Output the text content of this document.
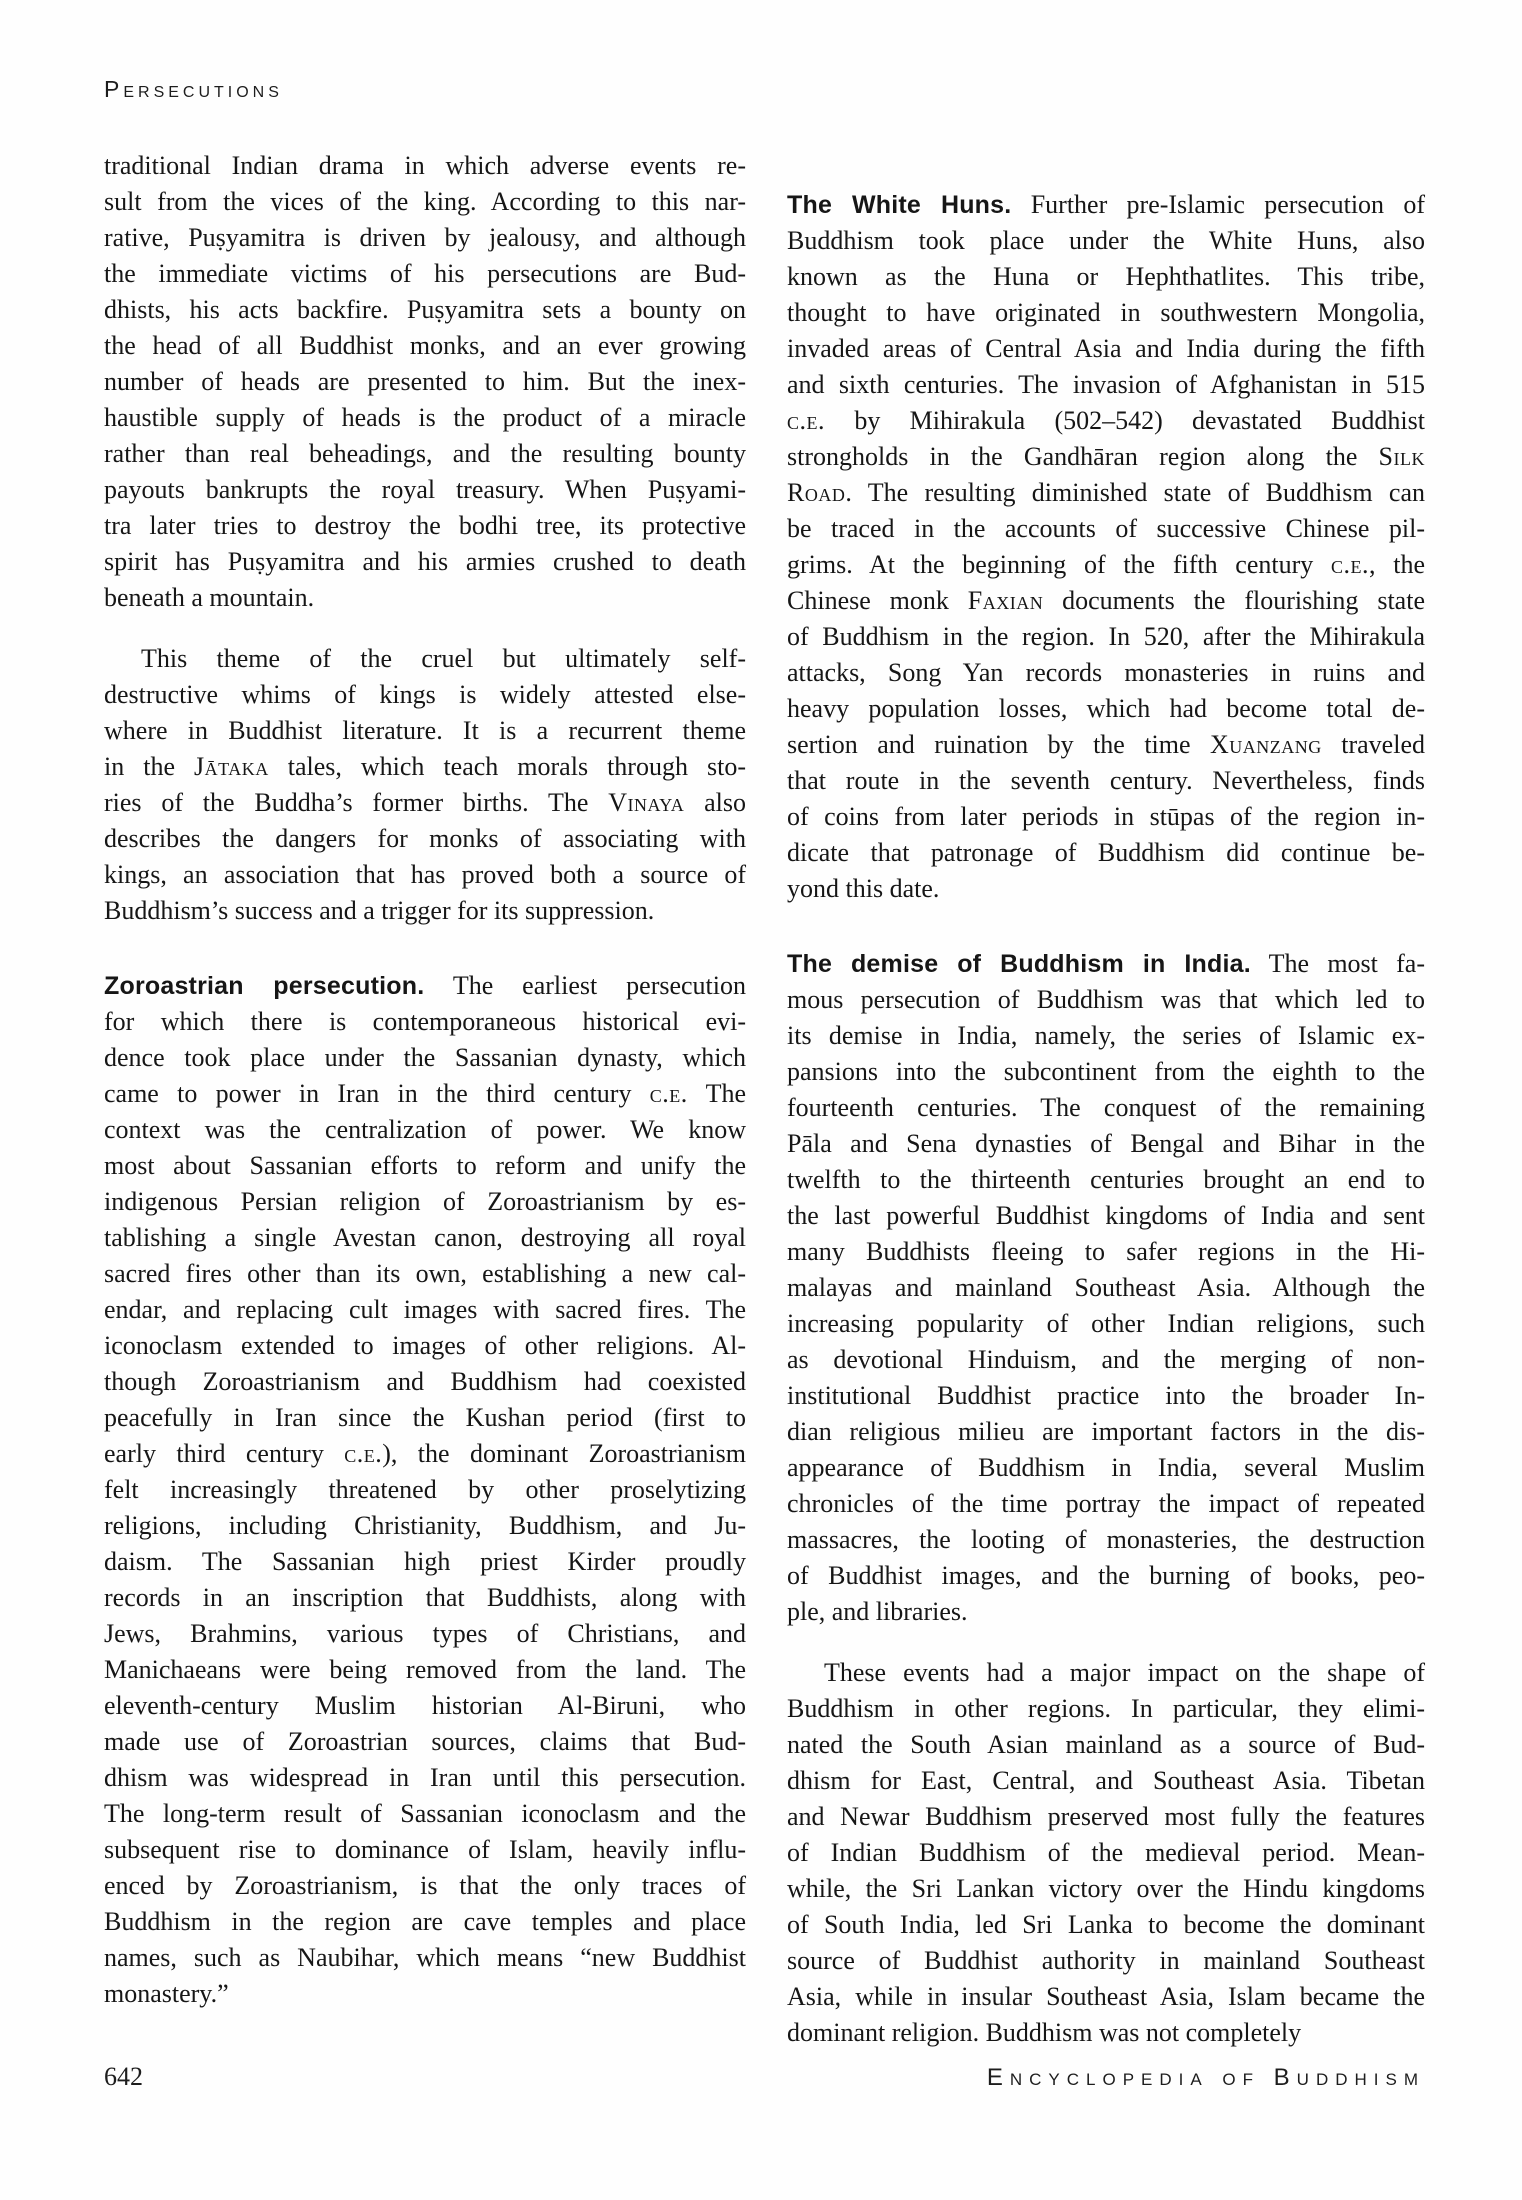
Persecutions
traditional Indian drama in which adverse events re-
sult from the vices of the king. According to this nar-
rative, Puṣyamitra is driven by jealousy, and although
the immediate victims of his persecutions are Bud-
dhists, his acts backfire. Puṣyamitra sets a bounty on
the head of all Buddhist monks, and an ever growing
number of heads are presented to him. But the inex-
haustible supply of heads is the product of a miracle
rather than real beheadings, and the resulting bounty
payouts bankrupts the royal treasury. When Puṣyami-
tra later tries to destroy the bodhi tree, its protective
spirit has Puṣyamitra and his armies crushed to death
beneath a mountain.
This theme of the cruel but ultimately self-
destructive whims of kings is widely attested else-
where in Buddhist literature. It is a recurrent theme
in the Jātaka tales, which teach morals through sto-
ries of the Buddha’s former births. The Vinaya also
describes the dangers for monks of associating with
kings, an association that has proved both a source of
Buddhism’s success and a trigger for its suppression.
Zoroastrian persecution. The earliest persecution
for which there is contemporaneous historical evi-
dence took place under the Sassanian dynasty, which
came to power in Iran in the third century c.e. The
context was the centralization of power. We know
most about Sassanian efforts to reform and unify the
indigenous Persian religion of Zoroastrianism by es-
tablishing a single Avestan canon, destroying all royal
sacred fires other than its own, establishing a new cal-
endar, and replacing cult images with sacred fires. The
iconoclasm extended to images of other religions. Al-
though Zoroastrianism and Buddhism had coexisted
peacefully in Iran since the Kushan period (first to
early third century c.e.), the dominant Zoroastrianism
felt increasingly threatened by other proselytizing
religions, including Christianity, Buddhism, and Ju-
daism. The Sassanian high priest Kirder proudly
records in an inscription that Buddhists, along with
Jews, Brahmins, various types of Christians, and
Manichaeans were being removed from the land. The
eleventh-century Muslim historian Al-Biruni, who
made use of Zoroastrian sources, claims that Bud-
dhism was widespread in Iran until this persecution.
The long-term result of Sassanian iconoclasm and the
subsequent rise to dominance of Islam, heavily influ-
enced by Zoroastrianism, is that the only traces of
Buddhism in the region are cave temples and place
names, such as Naubihar, which means “new Buddhist
monastery.”
The White Huns. Further pre-Islamic persecution of
Buddhism took place under the White Huns, also
known as the Huna or Hephthatlites. This tribe,
thought to have originated in southwestern Mongolia,
invaded areas of Central Asia and India during the fifth
and sixth centuries. The invasion of Afghanistan in 515
c.e. by Mihirakula (502–542) devastated Buddhist
strongholds in the Gandhāran region along the Silk
Road. The resulting diminished state of Buddhism can
be traced in the accounts of successive Chinese pil-
grims. At the beginning of the fifth century c.e., the
Chinese monk Faxian documents the flourishing state
of Buddhism in the region. In 520, after the Mihirakula
attacks, Song Yan records monasteries in ruins and
heavy population losses, which had become total de-
sertion and ruination by the time Xuanzang traveled
that route in the seventh century. Nevertheless, finds
of coins from later periods in stūpas of the region in-
dicate that patronage of Buddhism did continue be-
yond this date.
The demise of Buddhism in India. The most fa-
mous persecution of Buddhism was that which led to
its demise in India, namely, the series of Islamic ex-
pansions into the subcontinent from the eighth to the
fourteenth centuries. The conquest of the remaining
Pāla and Sena dynasties of Bengal and Bihar in the
twelfth to the thirteenth centuries brought an end to
the last powerful Buddhist kingdoms of India and sent
many Buddhists fleeing to safer regions in the Hi-
malayas and mainland Southeast Asia. Although the
increasing popularity of other Indian religions, such
as devotional Hinduism, and the merging of non-
institutional Buddhist practice into the broader In-
dian religious milieu are important factors in the dis-
appearance of Buddhism in India, several Muslim
chronicles of the time portray the impact of repeated
massacres, the looting of monasteries, the destruction
of Buddhist images, and the burning of books, peo-
ple, and libraries.
These events had a major impact on the shape of
Buddhism in other regions. In particular, they elimi-
nated the South Asian mainland as a source of Bud-
dhism for East, Central, and Southeast Asia. Tibetan
and Newar Buddhism preserved most fully the features
of Indian Buddhism of the medieval period. Mean-
while, the Sri Lankan victory over the Hindu kingdoms
of South India, led Sri Lanka to become the dominant
source of Buddhist authority in mainland Southeast
Asia, while in insular Southeast Asia, Islam became the
dominant religion. Buddhism was not completely
642	Encyclopedia of Buddhism
